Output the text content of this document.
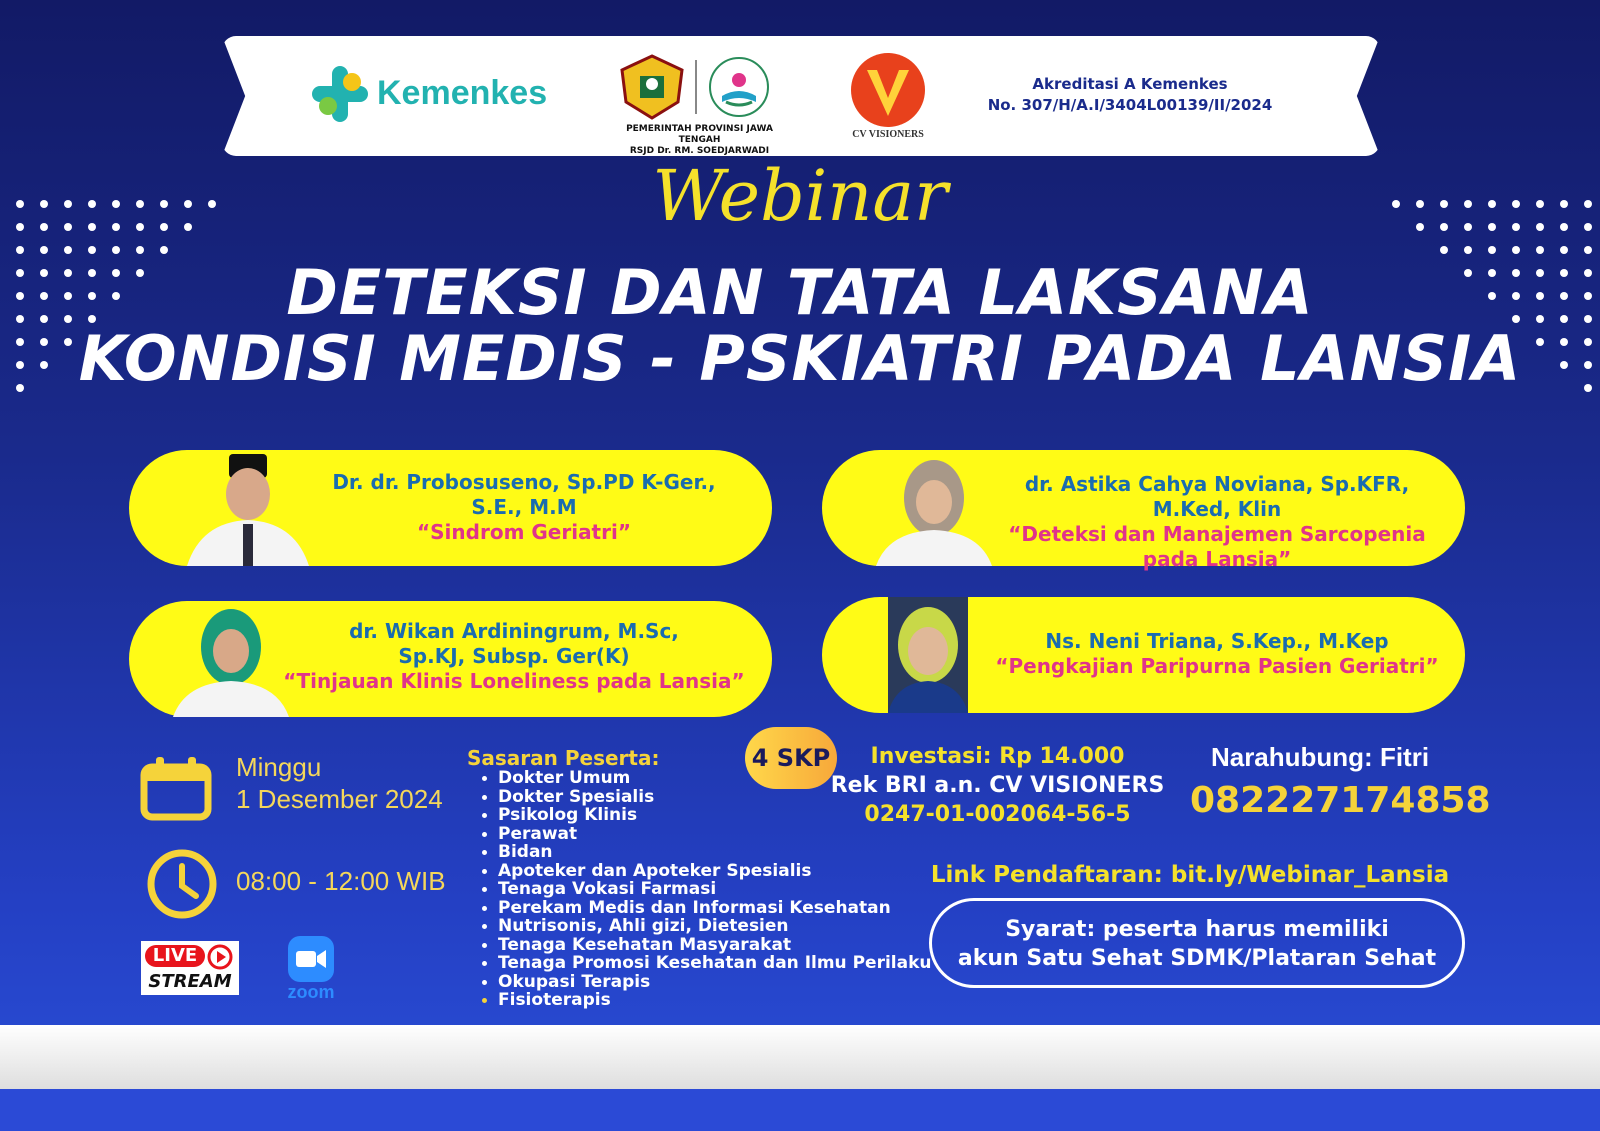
Kemenkes
PEMERINTAH PROVINSI JAWA TENGAH
RSJD Dr. RM. SOEDJARWADI
CV VISIONERS
Akreditasi A Kemenkes
No. 307/H/A.I/3404L00139/II/2024
Webinar
DETEKSI DAN TATA LAKSANA
KONDISI MEDIS - PSKIATRI PADA LANSIA
Dr. dr. Probosuseno, Sp.PD K-Ger.,
S.E., M.M
“Sindrom Geriatri”
dr. Astika Cahya Noviana, Sp.KFR, M.Ked, Klin
“Deteksi dan Manajemen Sarcopenia
pada Lansia”
dr. Wikan Ardiningrum, M.Sc,
Sp.KJ, Subsp. Ger(K)
“Tinjauan Klinis Loneliness pada Lansia”
Ns. Neni Triana, S.Kep., M.Kep
“Pengkajian Paripurna Pasien Geriatri”
Minggu
1 Desember 2024
08:00 - 12:00 WIB
LIVE
STREAM	zoom
Sasaran Peserta:
Dokter Umum
Dokter Spesialis
Psikolog Klinis
Perawat
Bidan
Apoteker dan Apoteker Spesialis
Tenaga Vokasi Farmasi
Perekam Medis dan Informasi Kesehatan
Nutrisonis, Ahli gizi, Dietesien
Tenaga Kesehatan Masyarakat
Tenaga Promosi Kesehatan dan Ilmu Perilaku
Okupasi Terapis
Fisioterapis
4 SKP	Investasi: Rp 14.000
Rek BRI a.n. CV VISIONERS
0247-01-002064-56-5
Narahubung: Fitri
082227174858
Link Pendaftaran: bit.ly/Webinar_Lansia
Syarat: peserta harus memiliki
akun Satu Sehat SDMK/Plataran Sehat
